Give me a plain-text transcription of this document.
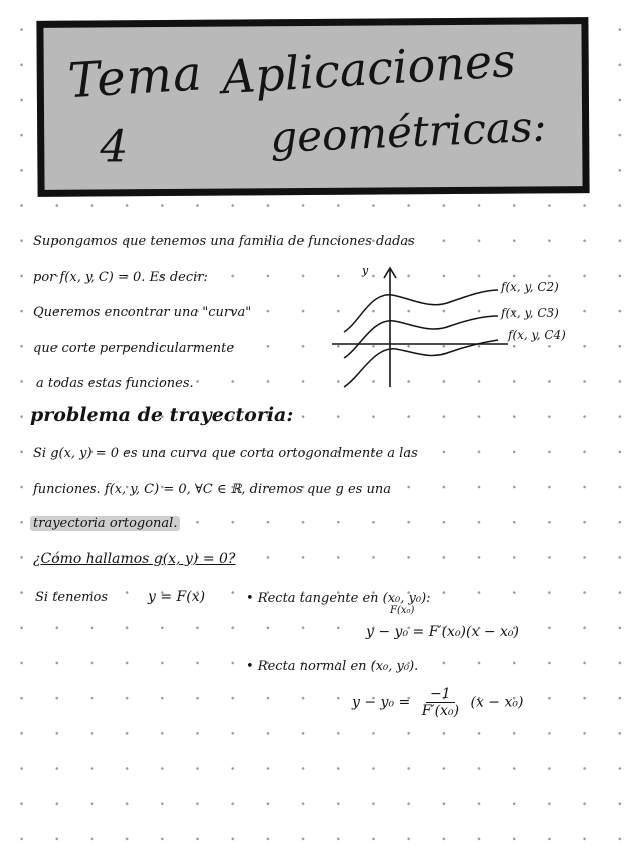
Tema
4
Aplicaciones
geométricas:
Supongamos que tenemos una familia de funciones dadas
por f(x, y, C) = 0. Es decir:
Queremos encontrar una "curva"
que corte perpendicularmente
a todas estas funciones.
y
f(x, y, C2)
f(x, y, C3)
f(x, y, C4)
problema de trayectoria:
Si g(x, y) = 0 es una curva que corta ortogonalmente a las
funciones. f(x, y, C) = 0, ∀C ∈ ℝ, diremos que g es una
trayectoria ortogonal.
¿Cómo hallamos g(x, y) = 0?
Si tenemos	y = F(x)	• Recta tangente en (x₀, y₀):
F(x₀)
y − y₀ = F′(x₀)(x − x₀)
• Recta normal en (x₀, y₀).
$y - y_0 = \frac{-1}{\text{F′(x₀)}} (x - x_0)$
